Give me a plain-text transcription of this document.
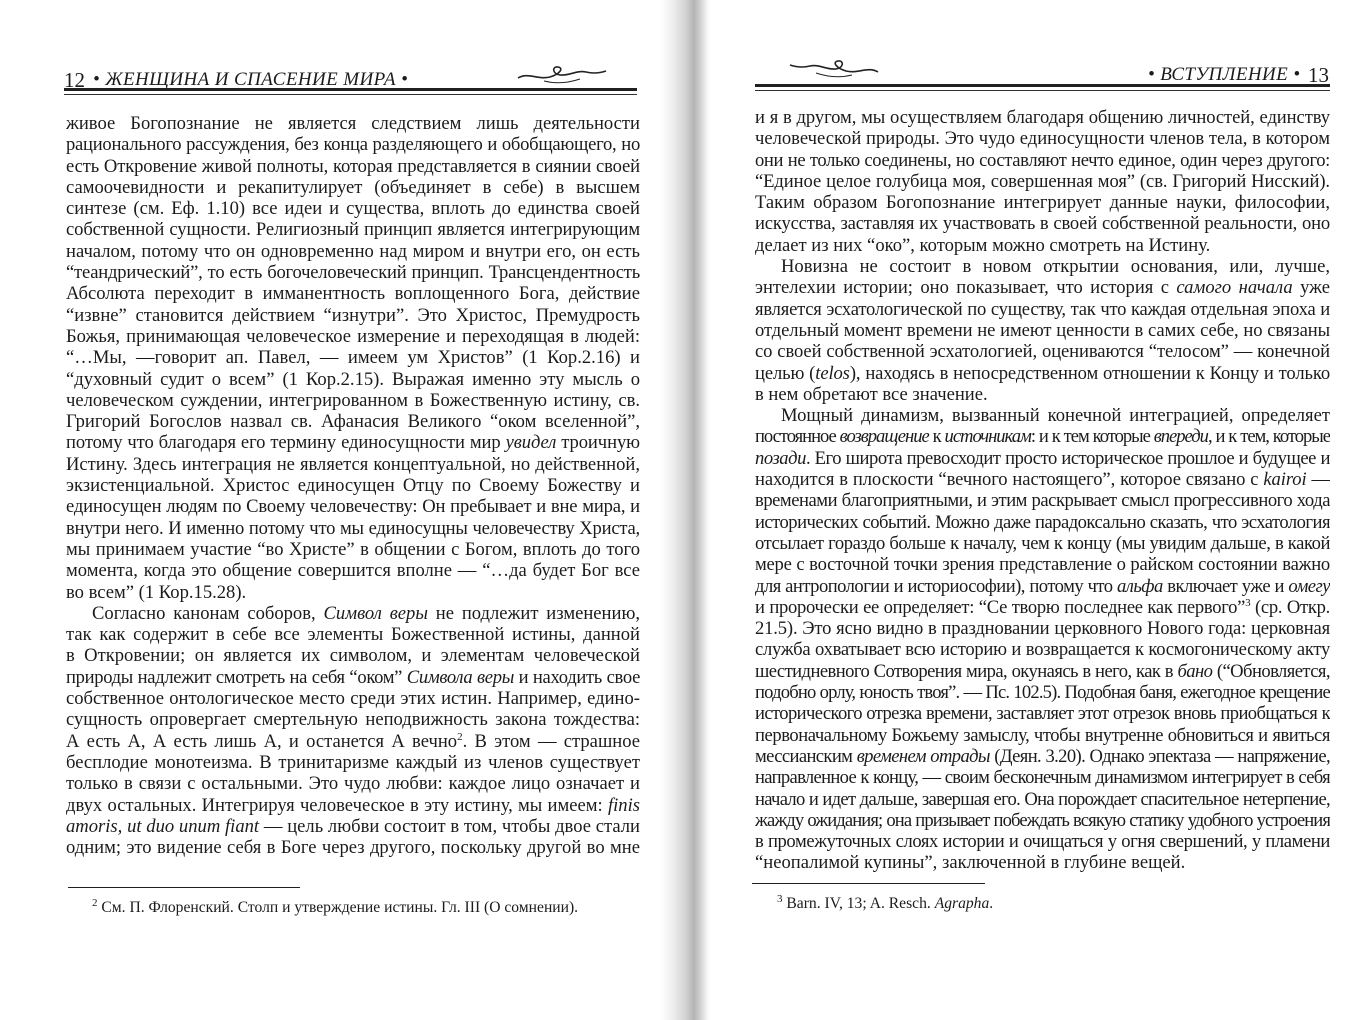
12 • ЖЕНЩИНА И СПАСЕНИЕ МИРА •	• ВСТУПЛЕНИЕ • 13
живое Богопознание не является следствием лишь деятельности
рационального рассуждения, без конца разделяющего и обобщающего, но
есть Откровение живой полноты, которая представляется в сиянии своей
самоочевидности и рекапитулирует (объединяет в себе) в высшем
синтезе (см. Еф. 1.10) все идеи и существа, вплоть до единства своей
собственной сущности. Религиозный принцип является интегрирующим
началом, потому что он одновременно над миром и внутри его, он есть
“теандрический”, то есть богочеловеческий принцип. Трансцендентность
Абсолюта переходит в имманентность воплощенного Бога, действие
“извне” становится действием “изнутри”. Это Христос, Премудрость
Божья, принимающая человеческое измерение и переходящая в людей:
“…Мы, —говорит ап. Павел, — имеем ум Христов” (1 Кор.2.16) и
“духовный судит о всем” (1 Кор.2.15). Выражая именно эту мысль о
человеческом суждении, интегрированном в Божественную истину, св.
Григорий Богослов назвал св. Афанасия Великого “оком вселенной”,
потому что благодаря его термину единосущности мир увидел троичную
Истину. Здесь интеграция не является концептуальной, но действенной,
экзистенциальной. Христос единосущен Отцу по Своему Божеству и
единосущен людям по Своему человечеству: Он пребывает и вне мира, и
внутри него. И именно потому что мы единосущны человечеству Христа,
мы принимаем участие “во Христе” в общении с Богом, вплоть до того
момента, когда это общение совершится вполне — “…да будет Бог все
во всем” (1 Кор.15.28).
Согласно канонам соборов, Символ веры не подлежит изменению,
так как содержит в себе все элементы Божественной истины, данной
в Откровении; он является их символом, и элементам человеческой
природы надлежит смотреть на себя “оком” Символа веры и находить свое
собственное онтологическое место среди этих истин. Например, едино-
сущность опровергает смертельную неподвижность закона тождества:
А есть А, А есть лишь А, и останется А вечно$^2$. В этом — страшное
бесплодие монотеизма. В тринитаризме каждый из членов существует
только в связи с остальными. Это чудо любви: каждое лицо означает и
двух остальных. Интегрируя человеческое в эту истину, мы имеем: finis
amoris, ut duo unum fiant — цель любви состоит в том, чтобы двое стали
одним; это видение себя в Боге через другого, поскольку другой во мне
и я в другом, мы осуществляем благодаря общению личностей, единству
человеческой природы. Это чудо единосущности членов тела, в котором
они не только соединены, но составляют нечто единое, один через другого:
“Единое целое голубица моя, совершенная моя” (св. Григорий Нисский).
Таким образом Богопознание интегрирует данные науки, философии,
искусства, заставляя их участвовать в своей собственной реальности, оно
делает из них “око”, которым можно смотреть на Истину.
Новизна не состоит в новом открытии основания, или, лучше,
энтелехии истории; оно показывает, что история с самого начала уже
является эсхатологической по существу, так что каждая отдельная эпоха и
отдельный момент времени не имеют ценности в самих себе, но связаны
со своей собственной эсхатологией, оцениваются “телосом” — конечной
целью (telos), находясь в непосредственном отношении к Концу и только
в нем обретают все значение.
Мощный динамизм, вызванный конечной интеграцией, определяет
постоянное возвращение к источникам: и к тем которые впереди, и к тем, которые
позади. Его широта превосходит просто историческое прошлое и будущее и
находится в плоскости “вечного настоящего”, которое связано с kairoi —
временами благоприятными, и этим раскрывает смысл прогрессивного хода
исторических событий. Можно даже парадоксально сказать, что эсхатология
отсылает гораздо больше к началу, чем к концу (мы увидим дальше, в какой
мере с восточной точки зрения представление о райском состоянии важно
для антропологии и историософии), потому что альфа включает уже и омегу
и пророчески ее определяет: “Се творю последнее как первого”$^3$ (ср. Откр.
21.5). Это ясно видно в праздновании церковного Нового года: церковная
служба охватывает всю историю и возвращается к космогоническому акту
шестидневного Сотворения мира, окунаясь в него, как в бано (“Обновляется,
подобно орлу, юность твоя”. — Пс. 102.5). Подобная баня, ежегодное крещение
исторического отрезка времени, заставляет этот отрезок вновь приобщаться к
первоначальному Божьему замыслу, чтобы внутренне обновиться и явиться
мессианским временем отрады (Деян. 3.20). Однако эпектаза — напряжение,
направленное к концу, — своим бесконечным динамизмом интегрирует в себя
начало и идет дальше, завершая его. Она порождает спасительное нетерпение,
жажду ожидания; она призывает побеждать всякую статику удобного устроения
в промежуточных слоях истории и очищаться у огня свершений, у пламени
“неопалимой купины”, заключенной в глубине вещей.
$^2$ См. П. Флоренский. Столп и утверждение истины. Гл. III (О сомнении).
$^3$ Barn. IV, 13; A. Resch. Agrapha.
